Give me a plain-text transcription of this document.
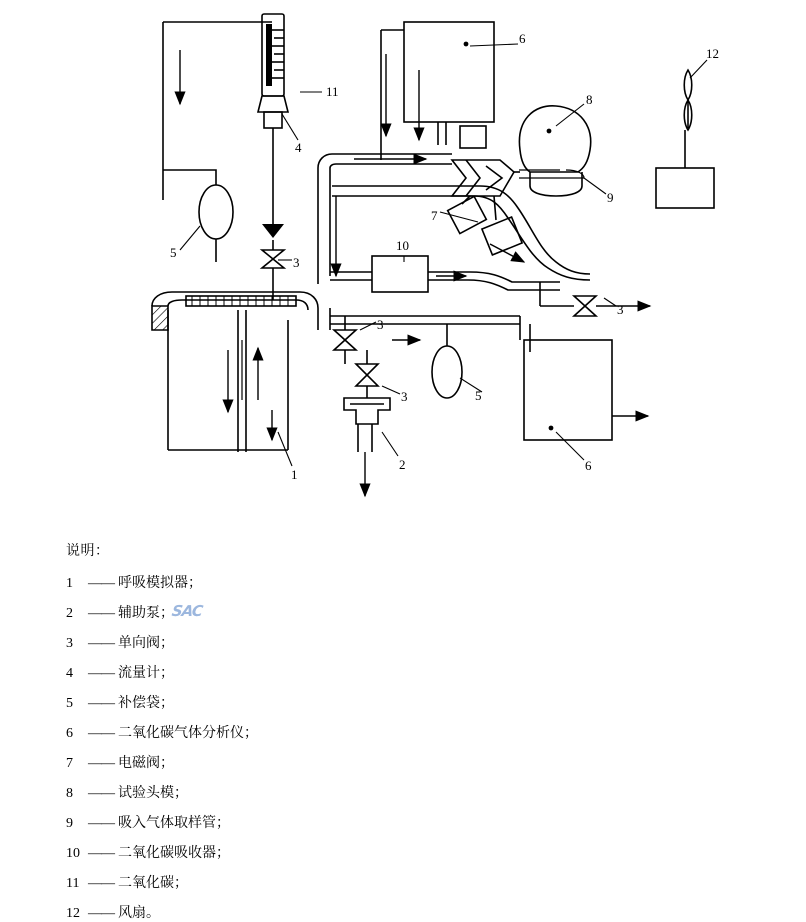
1
2
3
3
3
3
4
5
5
6
6
7
8
9
10
11
12
说明：
1 —— 呼吸模拟器；
2 —— 辅助泵；
3 —— 单向阀；
4 —— 流量计；
5 —— 补偿袋；
6 —— 二氧化碳气体分析仪；
7 —— 电磁阀；
8 —— 试验头模；
9 —— 吸入气体取样管；
10 —— 二氧化碳吸收器；
11 —— 二氧化碳；
12 —— 风扇。
SAC
